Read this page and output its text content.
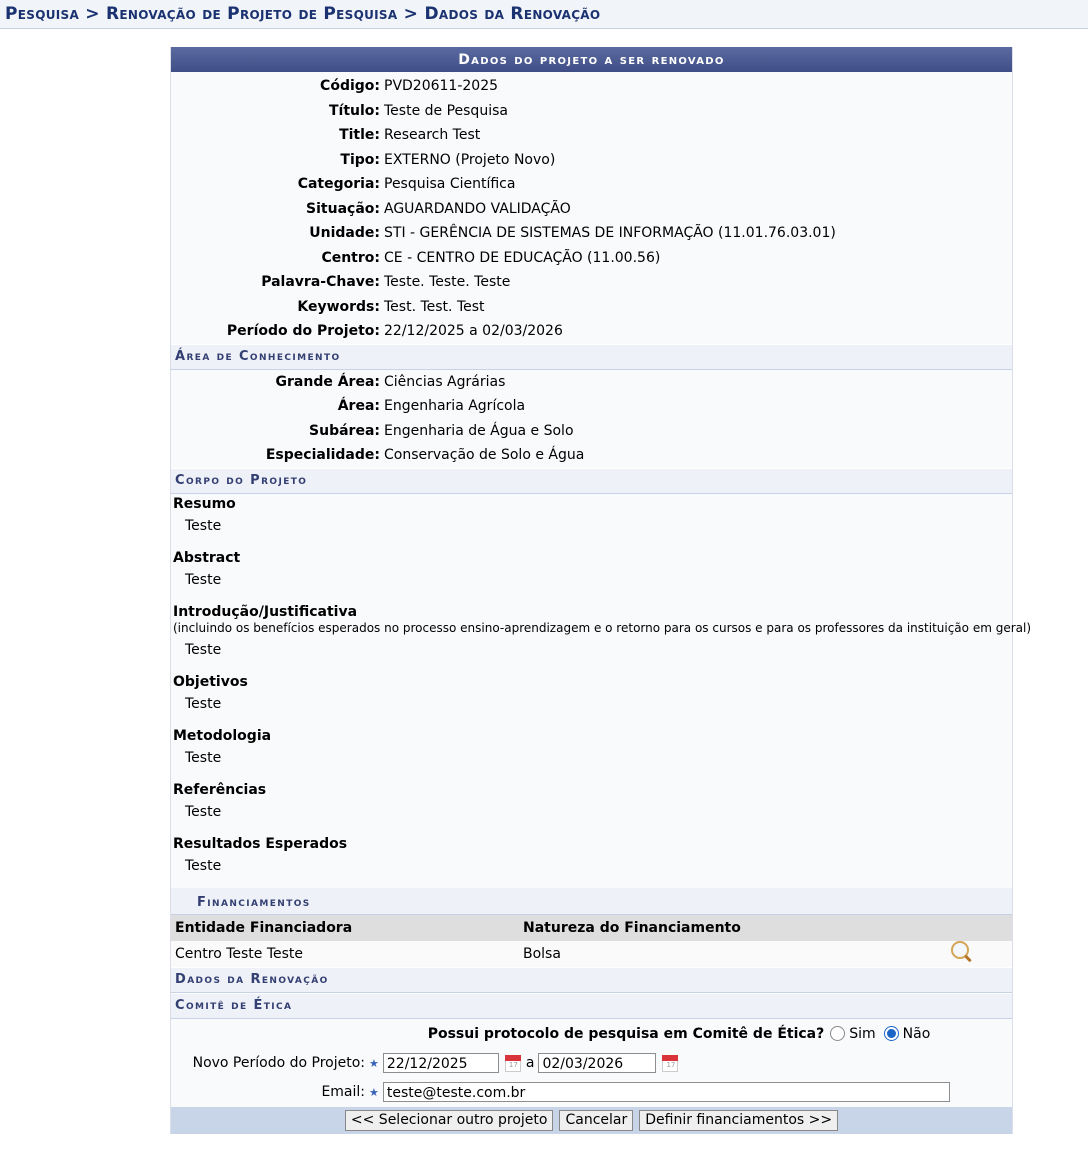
Pesquisa > Renovação de Projeto de Pesquisa > Dados da Renovação
Dados do projeto a ser renovado
Código: PVD20611-2025
Título: Teste de Pesquisa
Title: Research Test
Tipo: EXTERNO (Projeto Novo)
Categoria: Pesquisa Científica
Situação: AGUARDANDO VALIDAÇÃO
Unidade: STI - GERÊNCIA DE SISTEMAS DE INFORMAÇÃO (11.01.76.03.01)
Centro: CE - CENTRO DE EDUCAÇÃO (11.00.56)
Palavra-Chave: Teste. Teste. Teste
Keywords: Test. Test. Test
Período do Projeto: 22/12/2025 a 02/03/2026
Área de Conhecimento
Grande Área: Ciências Agrárias
Área: Engenharia Agrícola
Subárea: Engenharia de Água e Solo
Especialidade: Conservação de Solo e Água
Corpo do Projeto
Resumo
Teste
Abstract
Teste
Introdução/Justificativa
(incluindo os benefícios esperados no processo ensino-aprendizagem e o retorno para os cursos e para os professores da instituição em geral)
Teste
Objetivos
Teste
Metodologia
Teste
Referências
Teste
Resultados Esperados
Teste
Financiamentos
Entidade Financiadora	Natureza do Financiamento
Centro Teste Teste	Bolsa
Dados da Renovação
Comitê de Ética
Possui protocolo de pesquisa em Comitê de Ética? Sim Não
Novo Período do Projeto: ★ 22/12/2025 17	a 02/03/2026
17
Email: ★ teste@teste.com.br
<< Selecionar outro projeto	Cancelar	Definir financiamentos >>
